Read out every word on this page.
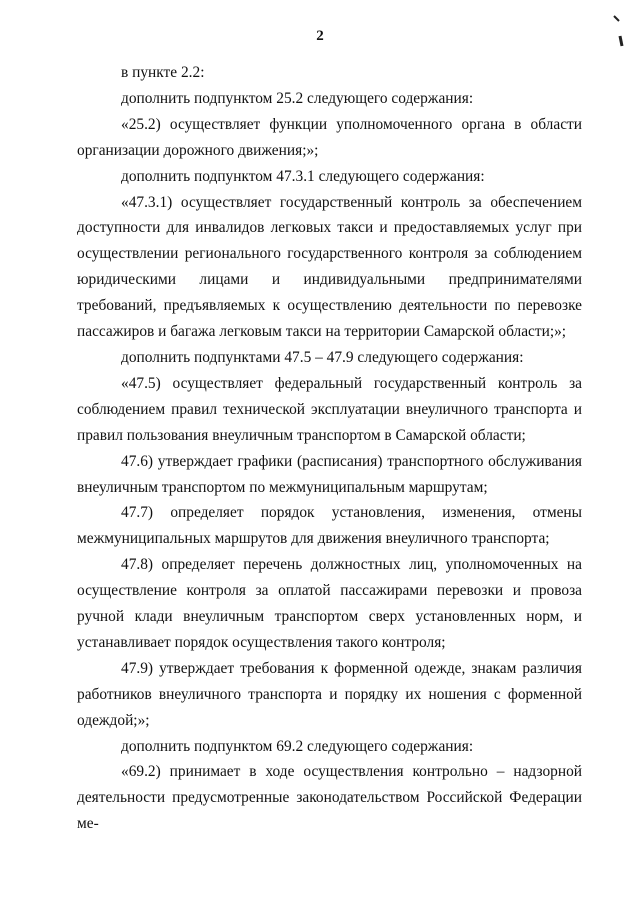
2

в пункте 2.2:

дополнить подпунктом 25.2 следующего содержания:

«25.2) осуществляет функции уполномоченного органа в области организации дорожного движения;»;

дополнить подпунктом 47.3.1 следующего содержания:

«47.3.1) осуществляет государственный контроль за обеспечением доступности для инвалидов легковых такси и предоставляемых услуг при осуществлении регионального государственного контроля за соблюдением юридическими лицами и индивидуальными предпринимателями требований, предъявляемых к осуществлению деятельности по перевозке пассажиров и багажа легковым такси на территории Самарской области;»;

дополнить подпунктами 47.5 – 47.9 следующего содержания:

«47.5) осуществляет федеральный государственный контроль за соблюдением правил технической эксплуатации внеуличного транспорта и правил пользования внеуличным транспортом в Самарской области;

47.6) утверждает графики (расписания) транспортного обслуживания внеуличным транспортом по межмуниципальным маршрутам;

47.7) определяет порядок установления, изменения, отмены межмуниципальных маршрутов для движения внеуличного транспорта;

47.8) определяет перечень должностных лиц, уполномоченных на осуществление контроля за оплатой пассажирами перевозки и провоза ручной клади внеуличным транспортом сверх установленных норм, и устанавливает порядок осуществления такого контроля;

47.9) утверждает требования к форменной одежде, знакам различия работников внеуличного транспорта и порядку их ношения с форменной одеждой;»;

дополнить подпунктом 69.2 следующего содержания:

«69.2) принимает в ходе осуществления контрольно – надзорной деятельности предусмотренные законодательством Российской Федерации ме-
